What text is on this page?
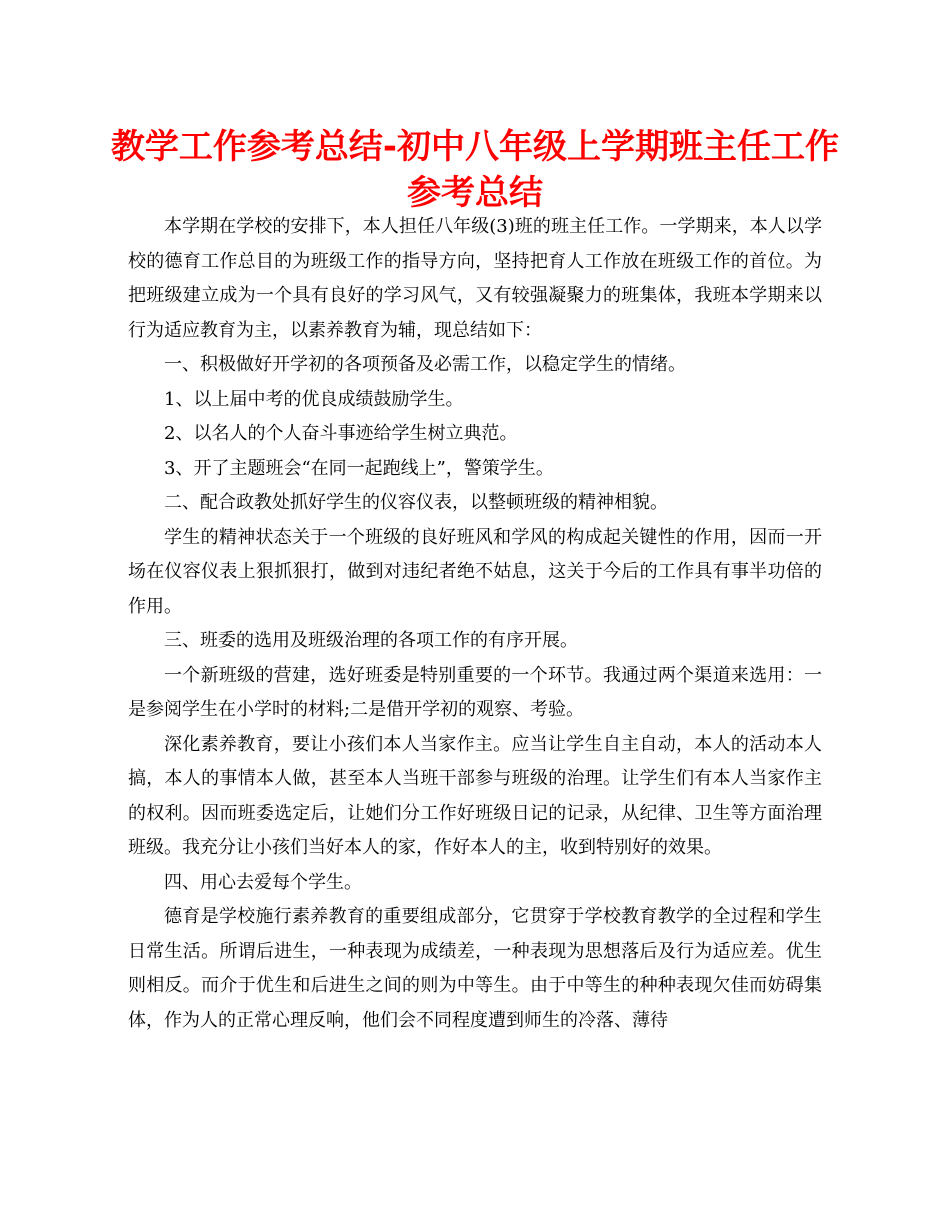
教学工作参考总结-初中八年级上学期班主任工作
参考总结

本学期在学校的安排下，本人担任八年级(3)班的班主任工作。一学期来，本人以学校的德育工作总目的为班级工作的指导方向，坚持把育人工作放在班级工作的首位。为把班级建立成为一个具有良好的学习风气，又有较强凝聚力的班集体，我班本学期来以行为适应教育为主，以素养教育为辅，现总结如下：

一、积极做好开学初的各项预备及必需工作，以稳定学生的情绪。

1、以上届中考的优良成绩鼓励学生。

2、以名人的个人奋斗事迹给学生树立典范。

3、开了主题班会“在同一起跑线上”，警策学生。

二、配合政教处抓好学生的仪容仪表，以整顿班级的精神相貌。

学生的精神状态关于一个班级的良好班风和学风的构成起关键性的作用，因而一开场在仪容仪表上狠抓狠打，做到对违纪者绝不姑息，这关于今后的工作具有事半功倍的作用。

三、班委的选用及班级治理的各项工作的有序开展。

一个新班级的营建，选好班委是特别重要的一个环节。我通过两个渠道来选用：一是参阅学生在小学时的材料;二是借开学初的观察、考验。

深化素养教育，要让小孩们本人当家作主。应当让学生自主自动，本人的活动本人搞，本人的事情本人做，甚至本人当班干部参与班级的治理。让学生们有本人当家作主的权利。因而班委选定后，让她们分工作好班级日记的记录，从纪律、卫生等方面治理班级。我充分让小孩们当好本人的家，作好本人的主，收到特别好的效果。

四、用心去爱每个学生。

德育是学校施行素养教育的重要组成部分，它贯穿于学校教育教学的全过程和学生日常生活。所谓后进生，一种表现为成绩差，一种表现为思想落后及行为适应差。优生则相反。而介于优生和后进生之间的则为中等生。由于中等生的种种表现欠佳而妨碍集体，作为人的正常心理反响，他们会不同程度遭到师生的冷落、薄待
